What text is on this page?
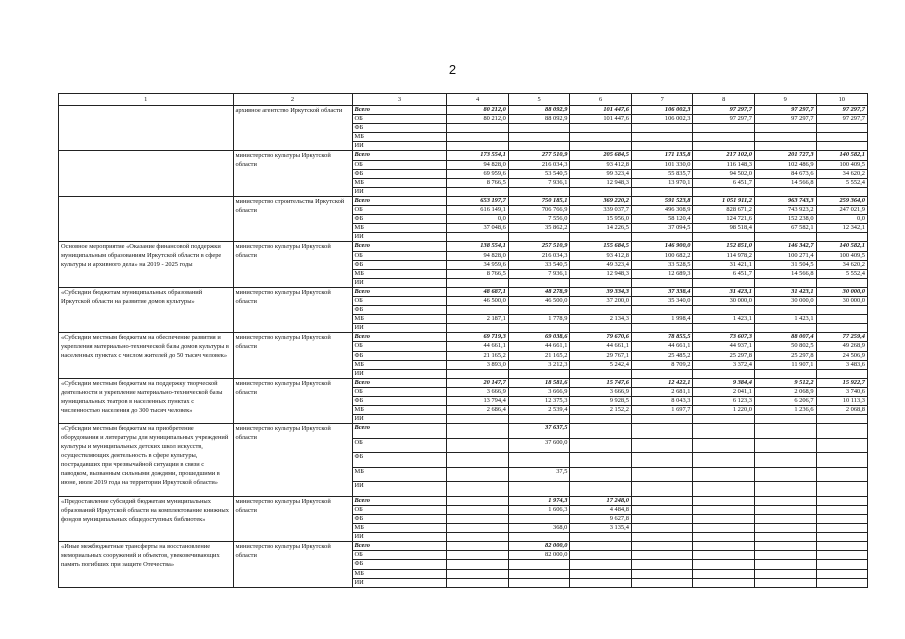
2
1	2	3	4	5	6	7	8	9	10
	архивное агентство Иркутской области	Всего	80 212,0	88 092,9	101 447,6	106 002,3	97 297,7	97 297,7	97 297,7
		ОБ	80 212,0	88 092,9	101 447,6	106 002,3	97 297,7	97 297,7	97 297,7
		ФБ							
		МБ							
		ИИ							
	министерство культуры Иркутской области	Всего	173 554,1	277 510,9	205 684,5	171 135,8	217 102,0	201 727,3	140 582,1
		ОБ	94 828,0	216 034,3	93 412,8	101 330,0	116 148,3	102 486,9	100 409,5
		ФБ	69 959,6	53 540,5	99 323,4	55 835,7	94 502,0	84 673,6	34 620,2
		МБ	8 766,5	7 936,1	12 948,3	13 970,1	6 451,7	14 566,8	5 552,4
		ИИ							
	министерство строительства Иркутской области	Всего	653 197,7	750 185,1	369 220,2	591 523,8	1 051 911,2	963 743,3	259 364,0
		ОБ	616 149,1	706 766,9	339 037,7	496 308,9	828 671,2	743 923,2	247 021,9
		ФБ	0,0	7 556,0	15 956,0	58 120,4	124 721,6	152 238,0	0,0
		МБ	37 048,6	35 862,2	14 226,5	37 094,5	98 518,4	67 582,1	12 342,1
		ИИ							
Основное мероприятие «Оказание финансовой поддержки муниципальным образованиям Иркутской области в сфере культуры и архивного дела» на 2019 - 2025 годы	министерство культуры Иркутской области	Всего	138 554,1	257 510,9	155 684,5	146 900,0	152 851,0	146 342,7	140 582,1
		ОБ	94 828,0	216 034,3	93 412,8	100 682,2	114 978,2	100 271,4	100 409,5
		ФБ	34 959,6	33 540,5	49 323,4	33 528,5	31 421,1	31 504,5	34 620,2
		МБ	8 766,5	7 936,1	12 948,3	12 689,3	6 451,7	14 566,8	5 552,4
		ИИ							
«Субсидии бюджетам муниципальных образований Иркутской области на развитие домов культуры»	министерство культуры Иркутской области	Всего	48 687,1	48 278,9	39 334,3	37 338,4	31 423,1	31 423,1	30 000,0
		ОБ	46 500,0	46 500,0	37 200,0	35 340,0	30 000,0	30 000,0	30 000,0
		ФБ							
		МБ	2 187,1	1 778,9	2 134,3	1 998,4	1 423,1	1 423,1	
		ИИ							
«Субсидии местным бюджетам на обеспечение развития и укрепления материально-технической базы домов культуры в населенных пунктах с числом жителей до 50 тысяч человек»	министерство культуры Иркутской области	Всего	69 719,3	69 038,6	79 670,6	78 855,5	73 607,3	88 007,4	77 259,4
		ОБ	44 661,1	44 661,1	44 661,1	44 661,1	44 937,1	50 802,5	49 268,9
		ФБ	21 165,2	21 165,2	29 767,1	25 485,2	25 297,8	25 297,8	24 506,9
		МБ	3 893,0	3 212,3	5 242,4	8 709,2	3 372,4	11 907,1	3 483,6
		ИИ							
«Субсидии местным бюджетам на поддержку творческой деятельности и укрепление материально-технической базы муниципальных театров в населенных пунктах с численностью населения до 300 тысяч человек»	министерство культуры Иркутской области	Всего	20 147,7	18 581,6	15 747,6	12 422,1	9 384,4	9 512,2	15 922,7
		ОБ	3 666,9	3 666,9	3 666,9	2 681,1	2 041,1	2 068,9	3 740,6
		ФБ	13 794,4	12 375,3	9 928,5	8 043,3	6 123,3	6 206,7	10 113,3
		МБ	2 686,4	2 539,4	2 152,2	1 697,7	1 220,0	1 236,6	2 068,8
		ИИ							
«Субсидии местным бюджетам на приобретение оборудования и литературы для муниципальных учреждений культуры и муниципальных детских школ искусств, осуществляющих деятельность в сфере культуры, пострадавших при чрезвычайной ситуации в связи с паводком, вызванным сильными дождями, прошедшими в июне, июле 2019 года на территории Иркутской области»	министерство культуры Иркутской области	Всего		37 637,5					
		ОБ		37 600,0					
		ФБ							
		МБ		37,5					
		ИИ							
«Предоставление субсидий бюджетам муниципальных образований Иркутской области на комплектование книжных фондов муниципальных общедоступных библиотек»	министерство культуры Иркутской области	Всего		1 974,3	17 248,0				
		ОБ		1 606,3	4 484,8				
		ФБ			9 627,8				
		МБ		368,0	3 135,4				
		ИИ							
«Иные межбюджетные трансферты на восстановление мемориальных сооружений и объектов, увековечивающих память погибших при защите Отечества»	министерство культуры Иркутской области	Всего		82 000,0					
		ОБ		82 000,0					
		ФБ							
		МБ							
		ИИ							
